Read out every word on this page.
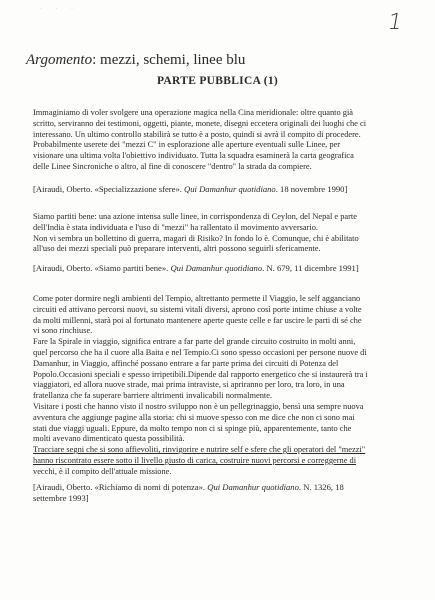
· · ·
1
Argomento: mezzi, schemi, linee blu
PARTE PUBBLICA (1)

Immaginiamo di voler svolgere una operazione magica nella Cina meridionale: oltre quanto già

scritto, serviranno dei testimoni, oggetti, piante, monete, disegni eccetera originali dei luoghi che ci

interessano. Un ultimo controllo stabilirà se tutto è a posto, quindi si avrà il compito di procedere.

Probabilmente userete dei "mezzi C" in esplorazione alle aperture eventuali sulle Linee, per

visionare una ultima volta l'obiettivo individuato. Tutta la squadra esaminerà la carta geografica

delle Linee Sincroniche o altro, al fine di conoscere "dentro" la strada da compiere.

[Airaudi, Oberto. «Specializzazione sfere». Qui Damanhur quotidiano. 18 novembre 1990]

Siamo partiti bene: una azione intensa sulle linee, in corrispondenza di Ceylon, del Nepal e parte

dell'India è stata individuata e l'uso di "mezzi" ha rallentato il movimento avversario.

Non vi sembra un bollettino di guerra, magari di Risiko? In fondo lo è. Comunque, chi è abilitato

all'uso dei mezzi speciali può preparare interventi, altri possono seguirli sfericamente.

[Airaudi, Oberto. «Siamo partiti bene». Qui Damanhur quotidiano. N. 679, 11 dicembre 1991]

Come poter dormire negli ambienti del Tempio, altrettanto permette il Viaggio, le self agganciano

circuiti ed attivano percorsi nuovi, su sistemi vitali diversi, aprono così porte intime chiuse a volte

da molti millenni, starà poi al fortunato mantenere aperte queste celle e far uscire le parti di sé che

vi sono rinchiuse.

Fare la Spirale in viaggio, significa entrare a far parte del grande circuito costruito in molti anni,

quel percorso che ha il cuore alla Baita e nel Tempio.Ci sono spesso occasioni per persone nuove di

Damanhur, in Viaggio, affinché possano entrare a far parte prima dei circuiti di Potenza del

Popolo.Occasioni speciali e spesso irripetibili.Dipende dal rapporto energetico che si instaurerà tra i

viaggiatori, ed allora nuove strade, mai prima intraviste, si apriranno per loro, tra loro, in una

fratellanza che fa superare barriere altrimenti invalicabili normalmente.

Visitare i posti che hanno visto il nostro sviluppo non è un pellegrinaggio, bensì una sempre nuova

avventura che aggiunge pagine alla storia: chi si muove spesso con me dice che non ci sono mai

stati due viaggi uguali. Eppure, da molto tempo non ci si spinge più, apparentemente, tanto che

molti avevano dimenticato questa possibilità.

Tracciare segni che si sono affievoliti, rinvigorire e nutrire self e sfere che gli operatori del "mezzi"

hanno riscontrato essere sotto il livello giusto di carica, costruire nuovi percorsi e correggerne di

vecchi, è il compito dell'attuale missione.

[Airaudi, Oberto. «Richiamo di nomi di potenza». Qui Damanhur quotidiano. N. 1326, 18
settembre 1993]
